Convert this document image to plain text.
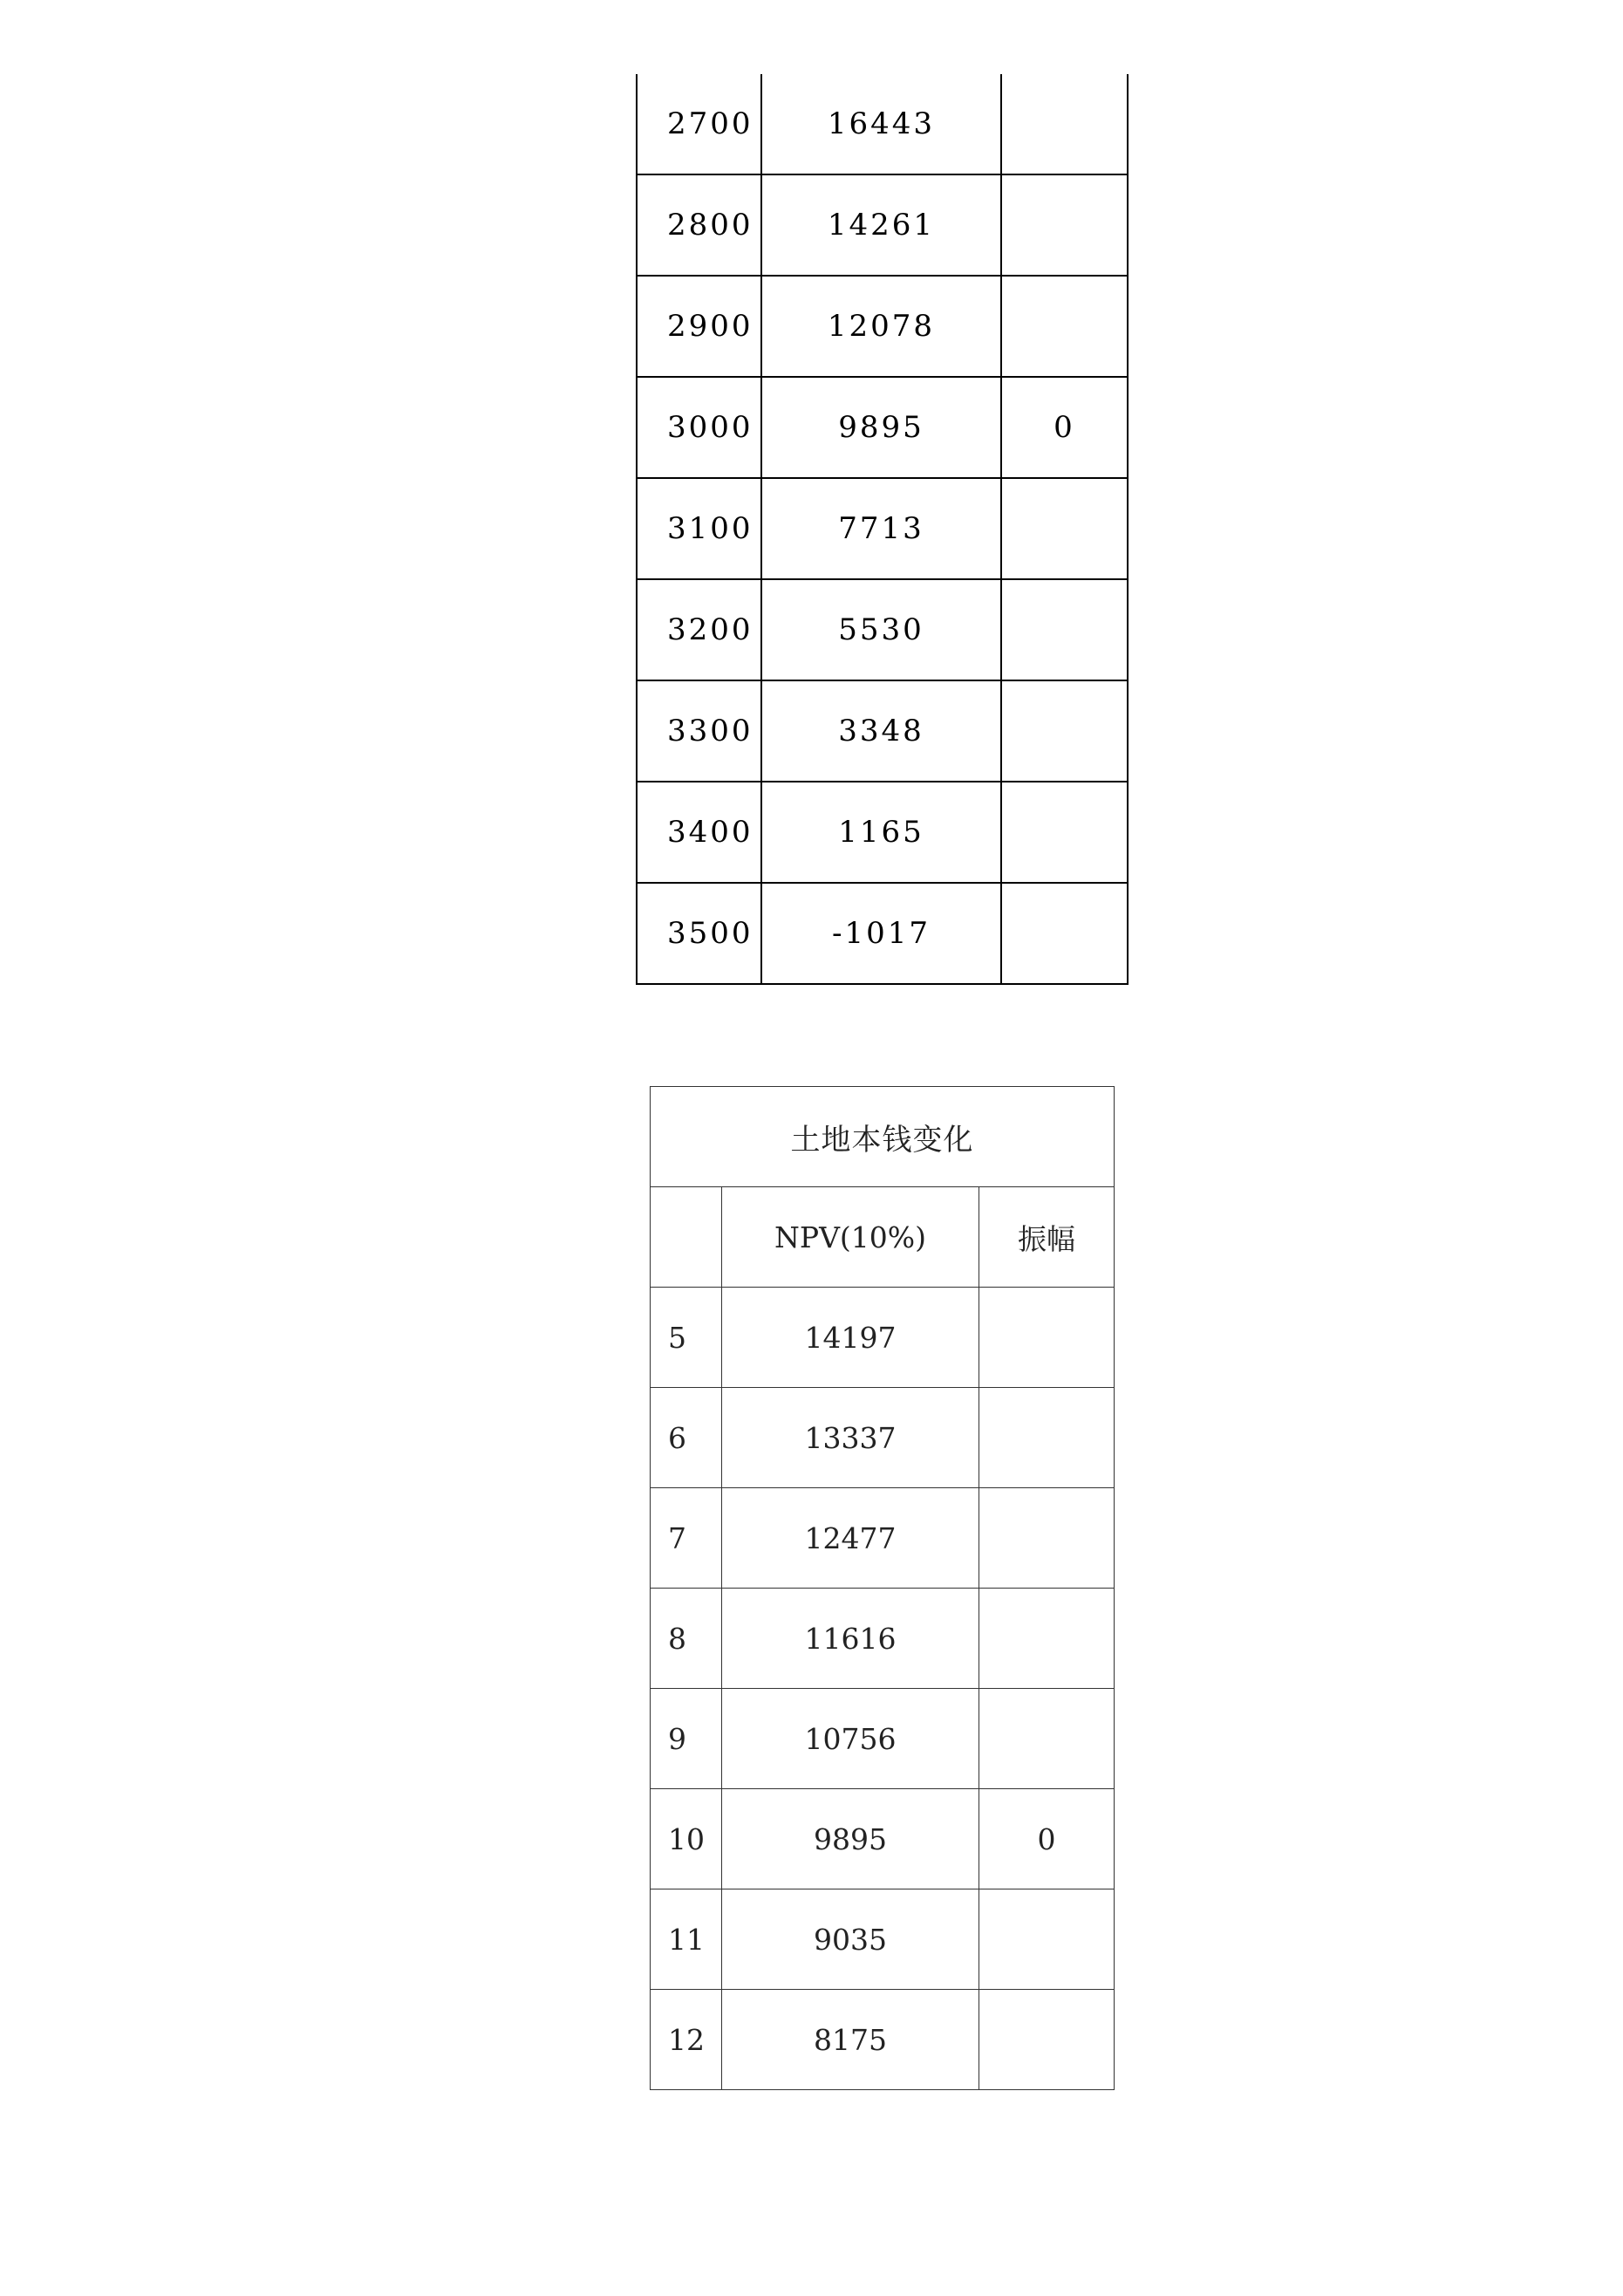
2700	16443	
2800	14261	
2900	12078	
3000	9895	0
3100	7713	
3200	5530	
3300	3348	
3400	1165	
3500	-1017	
土地本钱变化		
	NPV(10%)	振幅
5	14197	
6	13337	
7	12477	
8	11616	
9	10756	
10	9895	0
11	9035	
12	8175	
